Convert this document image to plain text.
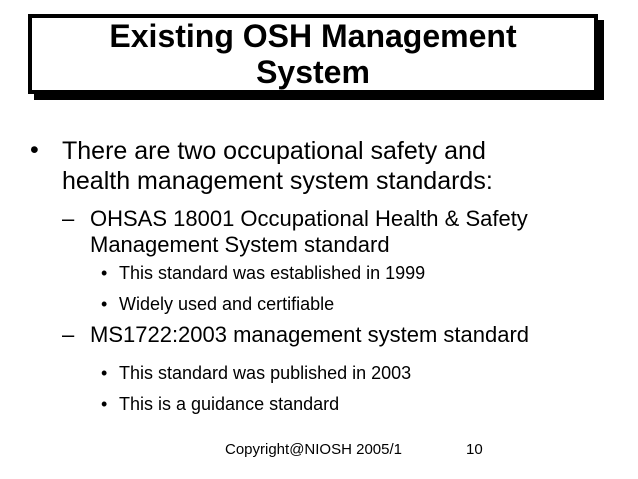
Existing OSH Management System
• There are two occupational safety and
health management system standards:
– OHSAS 18001 Occupational Health & Safety
Management System standard
• This standard was established in 1999
• Widely used and certifiable
– MS1722:2003 management system standard
• This standard was published in 2003
• This is a guidance standard
Copyright@NIOSH 2005/1	10
